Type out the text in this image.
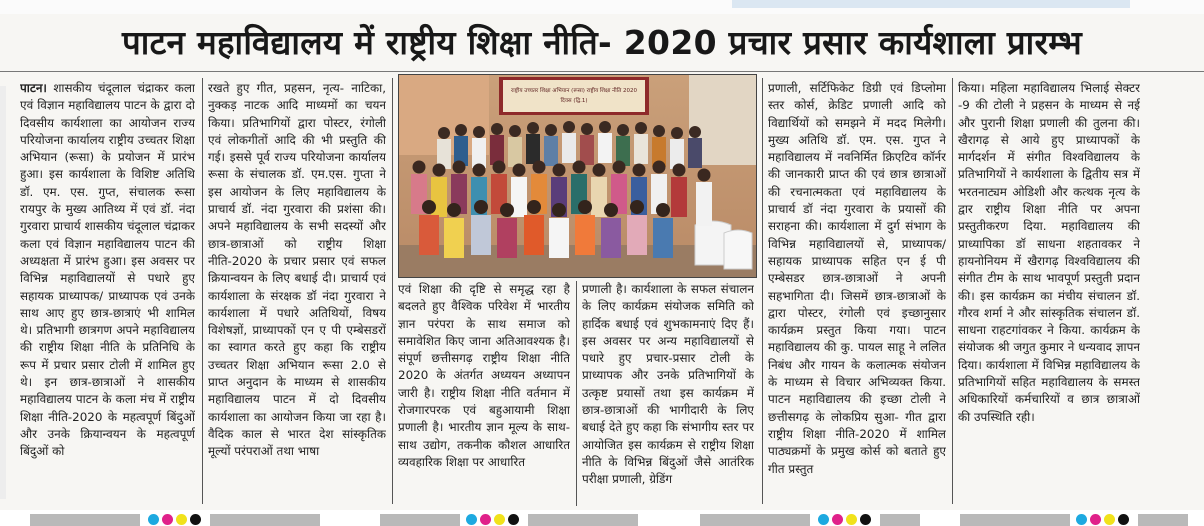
पाटन महाविद्यालय में राष्ट्रीय शिक्षा नीति- 2020 प्रचार प्रसार कार्यशाला प्रारम्भ

पाटन। शासकीय चंदूलाल चंद्राकर कला एवं विज्ञान महाविद्यालय पाटन के द्वारा दो दिवसीय कार्यशाला का आयोजन राज्य परियोजना कार्यालय राष्ट्रीय उच्चतर शिक्षा अभियान (रूसा) के प्रयोजन में प्रारंभ हुआ। इस कार्यशाला के विशिष्ट अतिथि डॉ. एम. एस. गुप्त, संचालक रूसा रायपुर के मुख्य आतिथ्य में एवं डॉ. नंदा गुरवारा प्राचार्य शासकीय चंदूलाल चंद्राकर कला एवं विज्ञान महाविद्यालय पाटन की अध्यक्षता में प्रारंभ हुआ। इस अवसर पर विभिन्न महाविद्यालयों से पधारे हुए सहायक प्राध्यापक/ प्राध्यापक एवं उनके साथ आए हुए छात्र-छात्राएं भी शामिल थे। प्रतिभागी छात्रगण अपने महाविद्यालय की राष्ट्रीय शिक्षा नीति के प्रतिनिधि के रूप में प्रचार प्रसार टोली में शामिल हुए थे। इन छात्र-छात्राओं ने शासकीय महाविद्यालय पाटन के कला मंच में राष्ट्रीय शिक्षा नीति-2020 के महत्वपूर्ण बिंदुओं और उनके क्रियान्वयन के महत्वपूर्ण बिंदुओं को

रखते हुए गीत, प्रहसन, नृत्य- नाटिका, नुक्कड़ नाटक आदि माध्यमों का चयन किया। प्रतिभागियों द्वारा पोस्टर, रंगोली एवं लोकगीतों आदि की भी प्रस्तुति की गई। इससे पूर्व राज्य परियोजना कार्यालय रूसा के संचालक डॉ. एम.एस. गुप्ता ने इस आयोजन के लिए महाविद्यालय के प्राचार्य डॉ. नंदा गुरवारा की प्रशंसा की। अपने महाविद्यालय के सभी सदस्यों और छात्र-छात्राओं को राष्ट्रीय शिक्षा नीति-2020 के प्रचार प्रसार एवं सफल क्रियान्वयन के लिए बधाई दी। प्राचार्य एवं कार्यशाला के संरक्षक डॉ नंदा गुरवारा ने कार्यशाला में पधारे अतिथियों, विषय विशेषज्ञों, प्राध्यापकों एन ए पी एम्बेसडरों का स्वागत करते हुए कहा कि राष्ट्रीय उच्चतर शिक्षा अभियान रूसा 2.0 से प्राप्त अनुदान के माध्यम से शासकीय महाविद्यालय पाटन में दो दिवसीय कार्यशाला का आयोजन किया जा रहा है। वैदिक काल से भारत देश सांस्कृतिक मूल्यों परंपराओं तथा भाषा

राष्ट्रीय उच्चतर शिक्षा अभियान (रूसा) राष्ट्रीय शिक्षा नीति 2020
दिवस (द्वि.1)

एवं शिक्षा की दृष्टि से समृद्ध रहा है बदलते हुए वैश्विक परिवेश में भारतीय ज्ञान परंपरा के साथ समाज को समावेशित किए जाना अतिआवश्यक है। संपूर्ण छत्तीसगढ़ राष्ट्रीय शिक्षा नीति 2020 के अंतर्गत अध्ययन अध्यापन जारी है। राष्ट्रीय शिक्षा नीति वर्तमान में रोजगारपरक एवं बहुआयामी शिक्षा प्रणाली है। भारतीय ज्ञान मूल्य के साथ-साथ उद्योग, तकनीक कौशल आधारित व्यवहारिक शिक्षा पर आधारित

प्रणाली है। कार्यशाला के सफल संचालन के लिए कार्यक्रम संयोजक समिति को हार्दिक बधाई एवं शुभकामनाएं दिए हैं। इस अवसर पर अन्य महाविद्यालयों से पधारे हुए प्रचार-प्रसार टोली के प्राध्यापक और उनके प्रतिभागियों के उत्कृष्ट प्रयासों तथा इस कार्यक्रम में छात्र-छात्राओं की भागीदारी के लिए बधाई देते हुए कहा कि संभागीय स्तर पर आयोजित इस कार्यक्रम से राष्ट्रीय शिक्षा नीति के विभिन्न बिंदुओं जैसे आतंरिक परीक्षा प्रणाली, ग्रेडिंग

प्रणाली, सर्टिफिकेट डिग्री एवं डिप्लोमा स्तर कोर्स, क्रेडिट प्रणाली आदि को विद्यार्थियों को समझने में मदद मिलेगी। मुख्य अतिथि डॉ. एम. एस. गुप्त ने महाविद्यालय में नवनिर्मित क्रिएटिव कॉर्नर की जानकारी प्राप्त की एवं छात्र छात्राओं की रचनात्मकता एवं महाविद्यालय के प्राचार्य डॉ नंदा गुरवारा के प्रयासों की सराहना की। कार्यशाला में दुर्ग संभाग के विभिन्न महाविद्यालयों से, प्राध्यापक/ सहायक प्राध्यापक सहित एन ई पी एम्बेसडर छात्र-छात्राओं ने अपनी सहभागिता दी। जिसमें छात्र-छात्राओं के द्वारा पोस्टर, रंगोली एवं इच्छानुसार कार्यक्रम प्रस्तुत किया गया। पाटन महाविद्यालय की कु. पायल साहू ने ललित निबंध और गायन के कलात्मक संयोजन के माध्यम से विचार अभिव्यक्त किया. पाटन महाविद्यालय की इच्छा टोली ने छत्तीसगढ़ के लोकप्रिय सुआ- गीत द्वारा राष्ट्रीय शिक्षा नीति-2020 में शामिल पाठ्यक्रमों के प्रमुख कोर्स को बताते हुए गीत प्रस्तुत

किया। महिला महाविद्यालय भिलाई सेक्टर -9 की टोली ने प्रहसन के माध्यम से नई और पुरानी शिक्षा प्रणाली की तुलना की। खैरागढ़ से आये हुए प्राध्यापकों के मार्गदर्शन में संगीत विश्वविद्यालय के प्रतिभागियों ने कार्यशाला के द्वितीय सत्र में भरतनाट्यम ओडिशी और कत्थक नृत्य के द्वार राष्ट्रीय शिक्षा नीति पर अपना प्रस्तुतीकरण दिया. महाविद्यालय की प्राध्यापिका डॉ साधना शहतावकर ने हायनोनियम में खैरागढ़ विश्वविद्यालय की संगीत टीम के साथ भावपूर्ण प्रस्तुती प्रदान की। इस कार्यक्रम का मंचीय संचालन डॉ. गौरव शर्मा ने और सांस्कृतिक संचालन डॉ. साधना राहटगांवकर ने किया. कार्यक्रम के संयोजक श्री जगुत कुमार ने धन्यवाद ज्ञापन दिया। कार्यशाला में विभिन्न महाविद्यालय के प्रतिभागियों सहित महाविद्यालय के समस्त अधिकारियों कर्मचारियों व छात्र छात्राओं की उपस्थिति रही।
